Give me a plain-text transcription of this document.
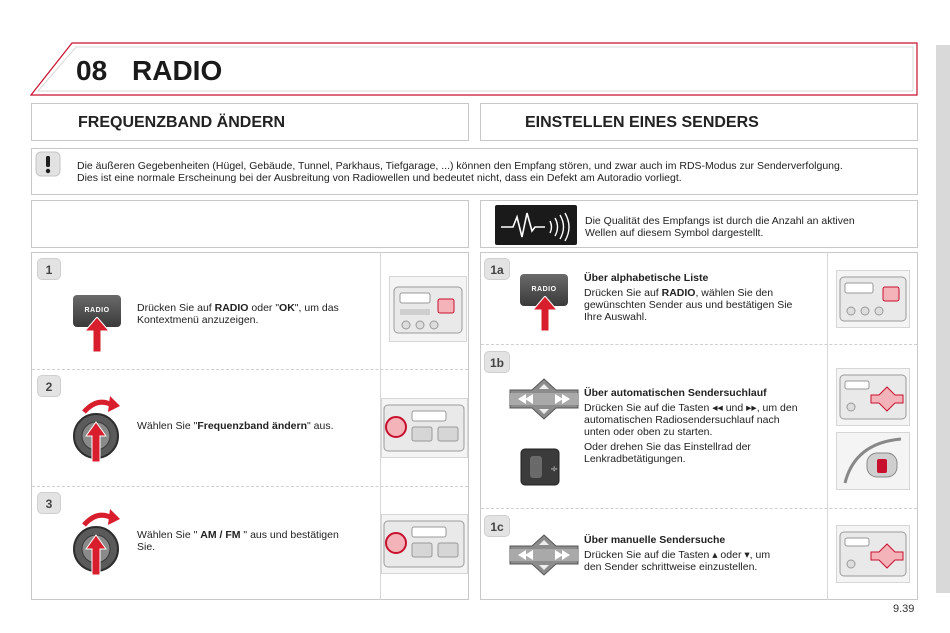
08 RADIO
FREQUENZBAND ÄNDERN	EINSTELLEN EINES SENDERS
Die äußeren Gegebenheiten (Hügel, Gebäude, Tunnel, Parkhaus, Tiefgarage, ...) können den Empfang stören, und zwar auch im RDS-Modus zur Senderverfolgung.
Dies ist eine normale Erscheinung bei der Ausbreitung von Radiowellen und bedeutet nicht, dass ein Defekt am Autoradio vorliegt.
Die Qualität des Empfangs ist durch die Anzahl an aktiven
Wellen auf diesem Symbol dargestellt.
1
RADIO	Drücken Sie auf RADIO oder "OK", um das
Kontextmenü anzuzeigen.
2
Wählen Sie "Frequenzband ändern" aus.
3
Wählen Sie " AM / FM " aus und bestätigen
Sie.
1a
RADIO
Über alphabetische Liste
Drücken Sie auf RADIO, wählen Sie den
gewünschten Sender aus und bestätigen Sie
Ihre Auswahl.
1b
÷
Über automatischen Sendersuchlauf
Drücken Sie auf die Tasten ◂◂ und ▸▸, um den
automatischen Radiosendersuchlauf nach
unten oder oben zu starten.
Oder drehen Sie das Einstellrad der
Lenkradbetätigungen.
1c
Über manuelle Sendersuche
Drücken Sie auf die Tasten ▴ oder ▾, um
den Sender schrittweise einzustellen.
9.39
